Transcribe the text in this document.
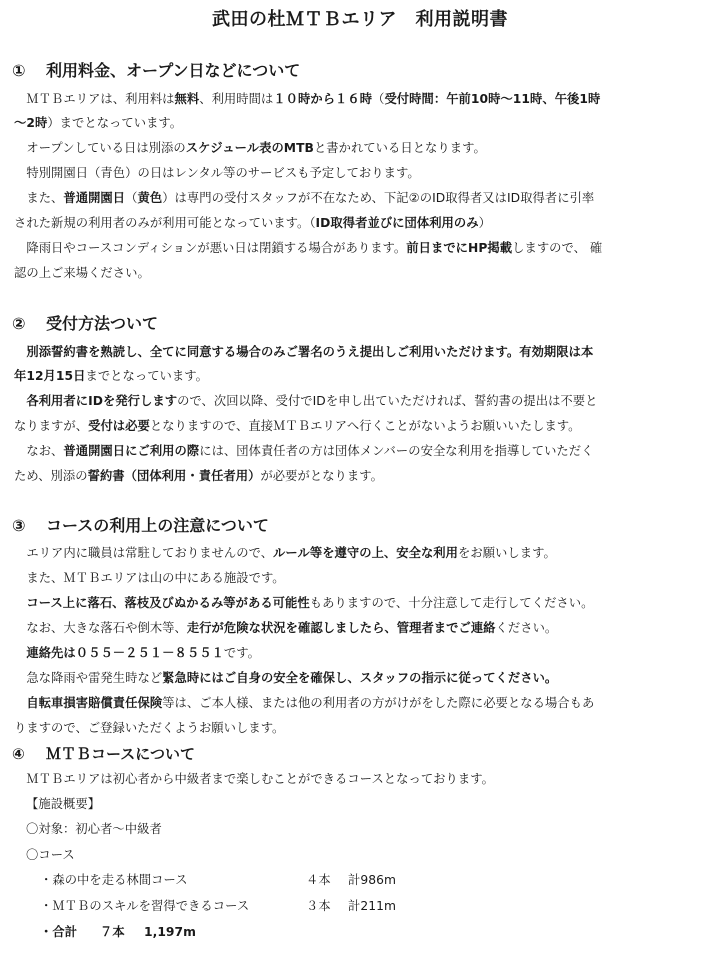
武田の杜ＭＴＢエリア　利用説明書
① 利用料金、オープン日などについて
　ＭＴＢエリアは、利用料は無料、利用時間は１０時から１６時（受付時間：午前10時〜11時、午後1時
〜2時）までとなっています。
　オープンしている日は別添のスケジュール表のMTBと書かれている日となります。
　特別開園日（青色）の日はレンタル等のサービスも予定しております。
　また、普通開園日（黄色）は専門の受付スタッフが不在なため、下記②のID取得者又はID取得者に引率
された新規の利用者のみが利用可能となっています。（ID取得者並びに団体利用のみ）
　降雨日やコースコンディションが悪い日は閉鎖する場合があります。前日までにHP掲載しますので、 確
認の上ご来場ください。
② 受付方法ついて
　別添誓約書を熟読し、全てに同意する場合のみご署名のうえ提出しご利用いただけます。有効期限は本
年12月15日までとなっています。
　各利用者にIDを発行しますので、次回以降、受付でIDを申し出ていただければ、誓約書の提出は不要と
なりますが、受付は必要となりますので、直接ＭＴＢエリアへ行くことがないようお願いいたします。
　なお、普通開園日にご利用の際には、団体責任者の方は団体メンバーの安全な利用を指導していただく
ため、別添の誓約書（団体利用・責任者用）が必要がとなります。
③ コースの利用上の注意について
　エリア内に職員は常駐しておりませんので、ルール等を遵守の上、安全な利用をお願いします。
　また、ＭＴＢエリアは山の中にある施設です。
　コース上に落石、落枝及びぬかるみ等がある可能性もありますので、十分注意して走行してください。
　なお、大きな落石や倒木等、走行が危険な状況を確認しましたら、管理者までご連絡ください。
　連絡先は０５５－２５１－８５５１です。
　急な降雨や雷発生時など緊急時にはご自身の安全を確保し、スタッフの指示に従ってください。
　自転車損害賠償責任保険等は、ご本人様、または他の利用者の方がけがをした際に必要となる場合もあ
りますので、ご登録いただくようお願いします。
④ ＭＴＢコースについて
　ＭＴＢエリアは初心者から中級者まで楽しむことができるコースとなっております。
【施設概要】
〇対象：初心者〜中級者
〇コース
・森の中を走る林間コース	４本 計986m
・ＭＴＢのスキルを習得できるコース	３本 計211m
・合計 ７本 1,197m
